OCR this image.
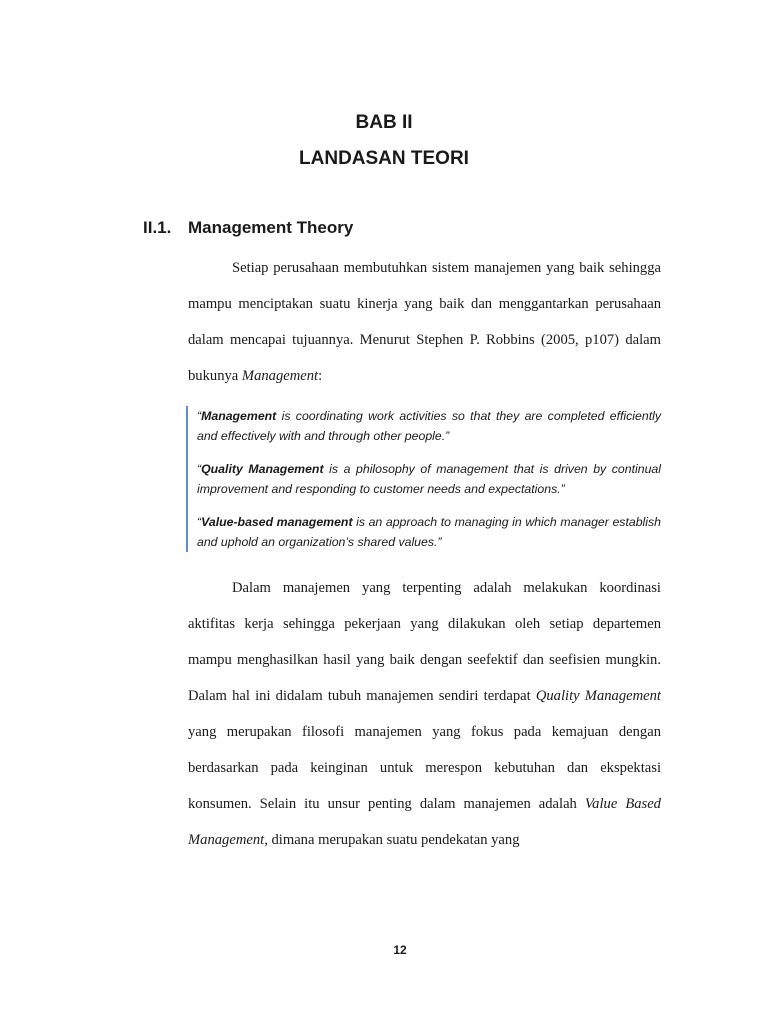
BAB II
LANDASAN TEORI
II.1. Management Theory

Setiap perusahaan membutuhkan sistem manajemen yang baik sehingga mampu menciptakan suatu kinerja yang baik dan menggantarkan perusahaan dalam mencapai tujuannya. Menurut Stephen P. Robbins (2005, p107) dalam bukunya Management:

“Management is coordinating work activities so that they are completed efficiently and effectively with and through other people.”

“Quality Management is a philosophy of management that is driven by continual improvement and responding to customer needs and expectations.”

“Value-based management is an approach to managing in which manager establish and uphold an organization’s shared values.”

Dalam manajemen yang terpenting adalah melakukan koordinasi aktifitas kerja sehingga pekerjaan yang dilakukan oleh setiap departemen mampu menghasilkan hasil yang baik dengan seefektif dan seefisien mungkin. Dalam hal ini didalam tubuh manajemen sendiri terdapat Quality Management yang merupakan filosofi manajemen yang fokus pada kemajuan dengan berdasarkan pada keinginan untuk merespon kebutuhan dan ekspektasi konsumen. Selain itu unsur penting dalam manajemen adalah Value Based Management, dimana merupakan suatu pendekatan yang

12
